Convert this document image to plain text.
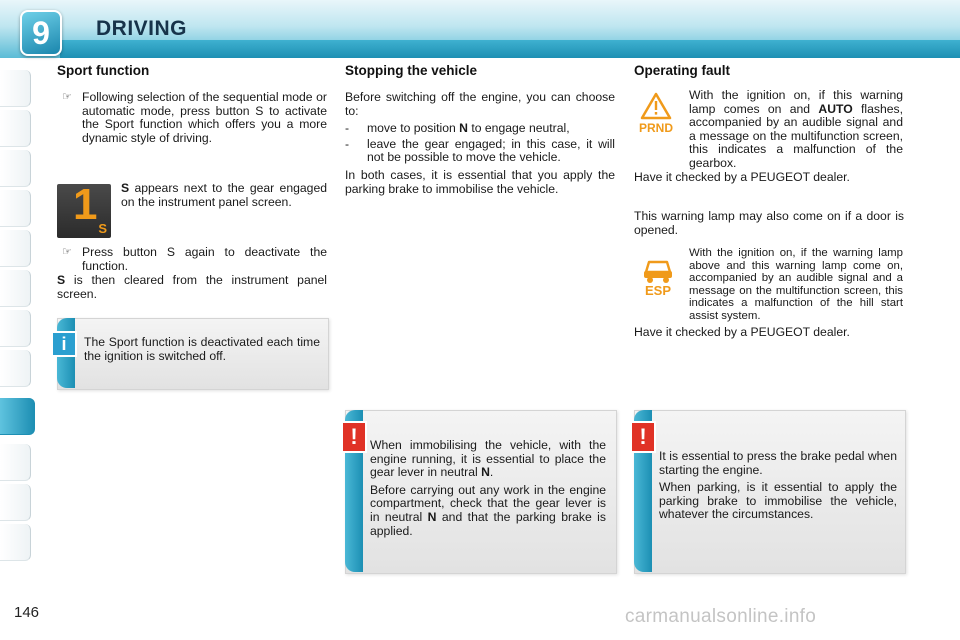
9	DRIVING
Sport function
☞ Following selection of the sequential mode or automatic mode, press button S to activate the Sport function which offers you a more dynamic style of driving.
1 S
S appears next to the gear engaged on the instrument panel screen.
☞ Press button S again to deactivate the function.
S is then cleared from the instrument panel screen.
i	The Sport function is deactivated each time the ignition is switched off.
Stopping the vehicle

Before switching off the engine, you can choose to:

-	move to position N to engage neutral,
-	leave the gear engaged; in this case, it will not be possible to move the vehicle.

In both cases, it is essential that you apply the parking brake to immobilise the vehicle.

!	When immobilising the vehicle, with the engine running, it is essential to place the gear lever in neutral N.

Before carrying out any work in the engine compartment, check that the gear lever is in neutral N and that the parking brake is applied.

Operating fault
PRND
With the ignition on, if this warning lamp comes on and AUTO flashes, accompanied by an audible signal and a message on the multifunction screen, this indicates a malfunction of the gearbox.
Have it checked by a PEUGEOT dealer.
This warning lamp may also come on if a door is opened.
ESP
With the ignition on, if the warning lamp above and this warning lamp come on, accompanied by an audible signal and a message on the multifunction screen, this indicates a malfunction of the hill start assist system.
Have it checked by a PEUGEOT dealer.
!

It is essential to press the brake pedal when starting the engine.

When parking, is it essential to apply the parking brake to immobilise the vehicle, whatever the circumstances.

146	carmanualsonline.info
